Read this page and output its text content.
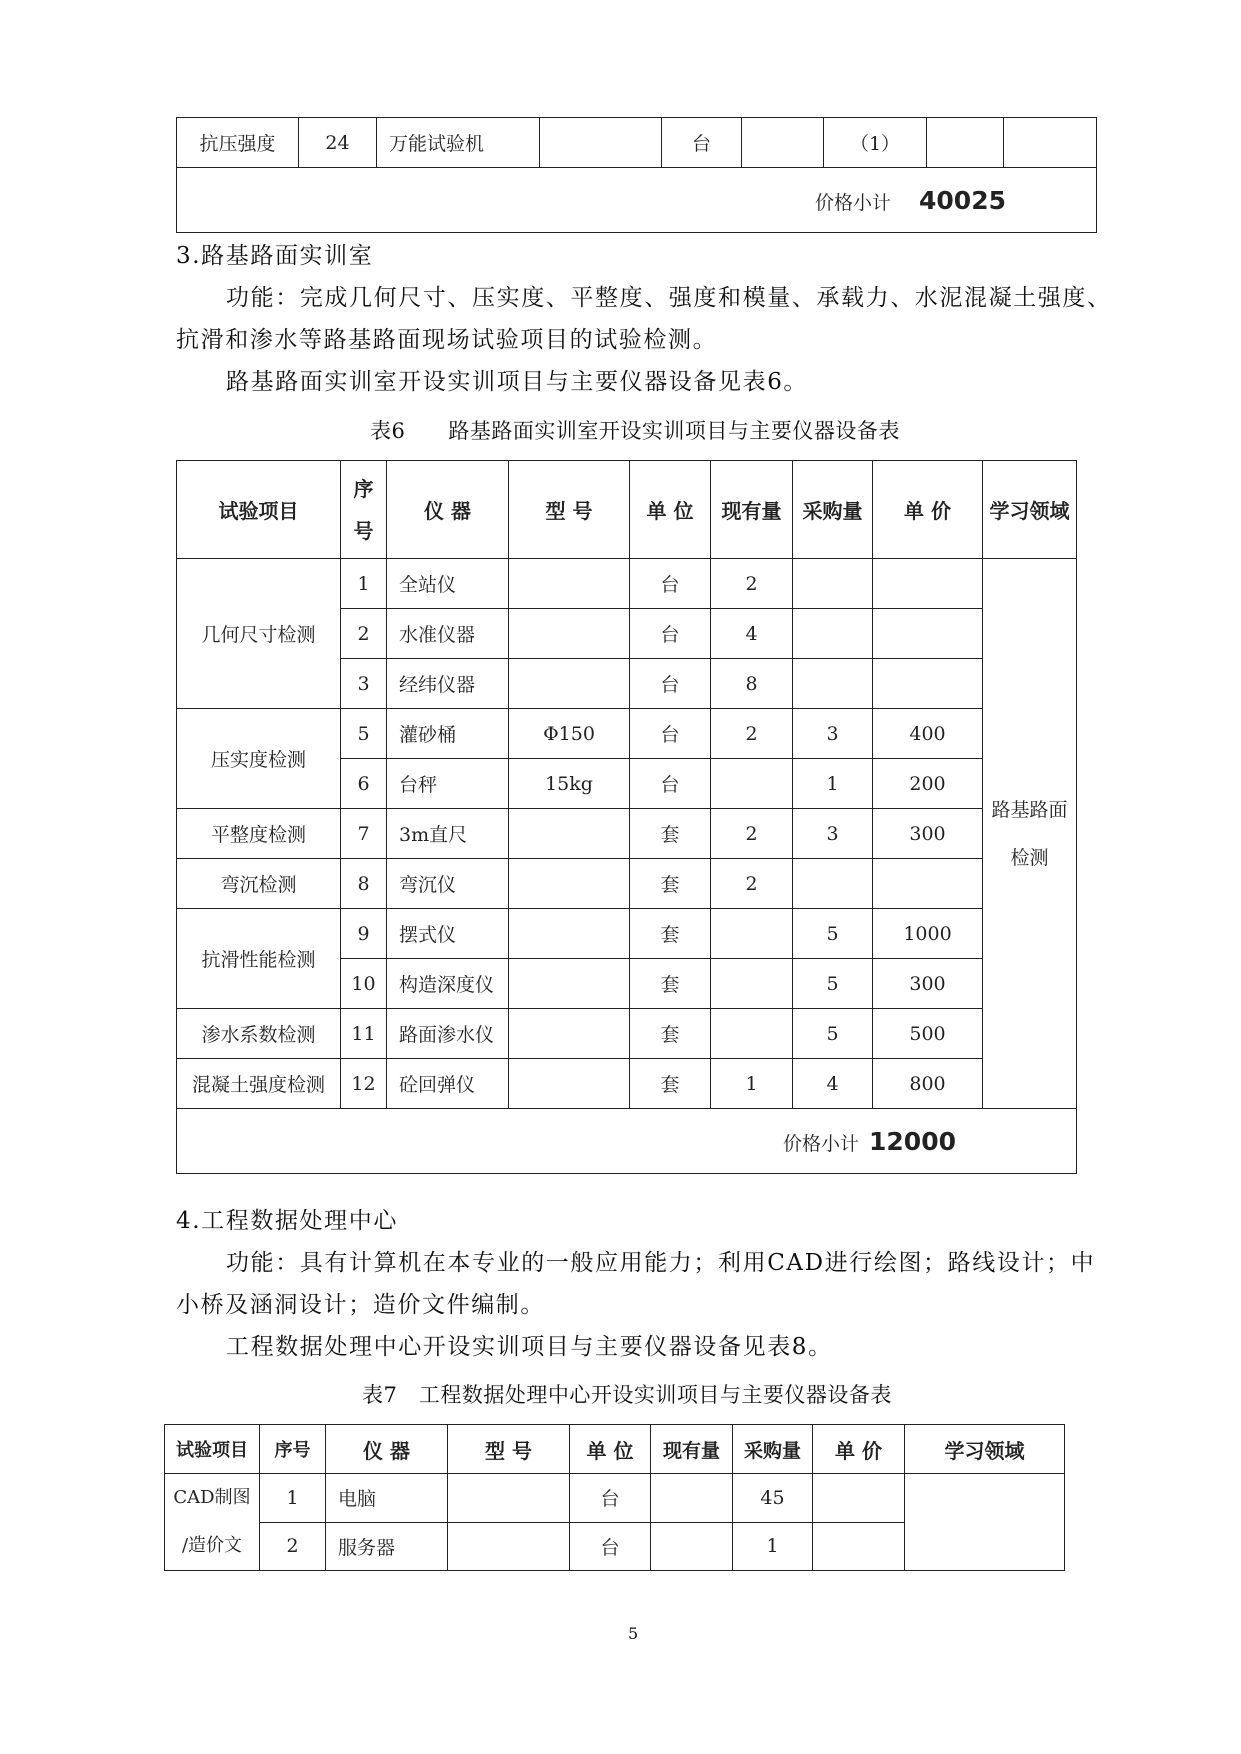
抗压强度	24	万能试验机		台		（1）		
价格小计 40025
3.路基路面实训室
功能：完成几何尺寸、压实度、平整度、强度和模量、承载力、水泥混凝土强度、
抗滑和渗水等路基路面现场试验项目的试验检测。
路基路面实训室开设实训项目与主要仪器设备见表6。
表6　　路基路面实训室开设实训项目与主要仪器设备表
试验项目	序号	仪 器	型 号	单 位	现有量	采购量	单 价	学习领域
几何尺寸检测	1	全站仪		台	2			路基路面检测
	2	水准仪器		台	4			
	3	经纬仪器		台	8			
压实度检测	5	灌砂桶	Φ150	台	2	3	400	
	6	台秤	15kg	台		1	200	
平整度检测	7	3m直尺		套	2	3	300	
弯沉检测	8	弯沉仪		套	2			
抗滑性能检测	9	摆式仪		套		5	1000	
	10	构造深度仪		套		5	300	
渗水系数检测	11	路面渗水仪		套		5	500	
混凝土强度检测	12	砼回弹仪		套	1	4	800	
价格小计 12000								
4.工程数据处理中心
功能：具有计算机在本专业的一般应用能力；利用CAD进行绘图；路线设计；中
小桥及涵洞设计；造价文件编制。
工程数据处理中心开设实训项目与主要仪器设备见表8。
表7　工程数据处理中心开设实训项目与主要仪器设备表
试验项目	序号	仪 器	型 号	单 位	现有量	采购量	单 价	学习领域

CAD制图
/造价文	1	电脑		台		45		
	2	服务器		台		1		
5
